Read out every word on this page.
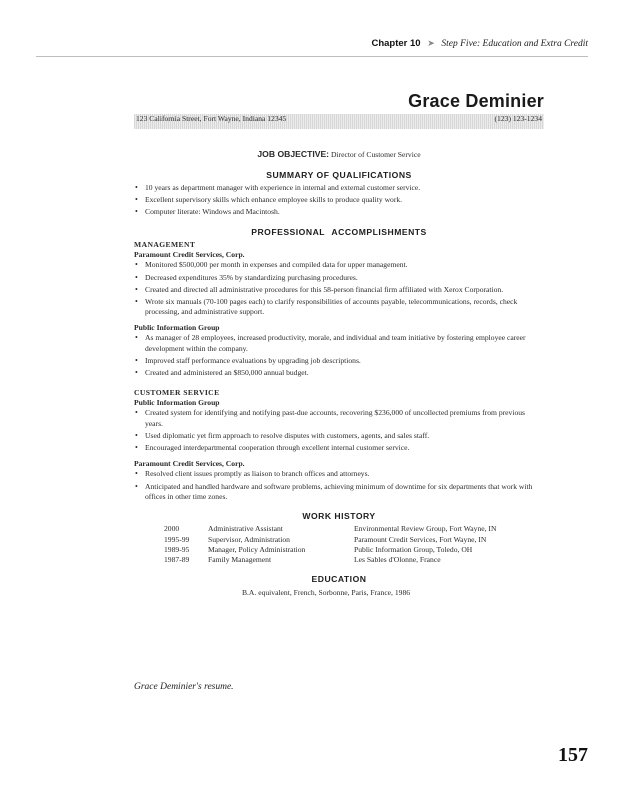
Chapter 10 ➤ Step Five: Education and Extra Credit
Grace Deminier
123 California Street, Fort Wayne, Indiana 12345	(123) 123-1234
JOB OBJECTIVE: Director of Customer Service
SUMMARY OF QUALIFICATIONS
• 10 years as department manager with experience in internal and external customer service.
• Excellent supervisory skills which enhance employee skills to produce quality work.
• Computer literate: Windows and Macintosh.
PROFESSIONAL ACCOMPLISHMENTS
MANAGEMENT
Paramount Credit Services, Corp.
• Monitored $500,000 per month in expenses and compiled data for upper management.
• Decreased expenditures 35% by standardizing purchasing procedures.
• Created and directed all administrative procedures for this 58-person financial firm affiliated with Xerox Corporation.
• Wrote six manuals (70-100 pages each) to clarify responsibilities of accounts payable, telecommunications, records, check processing, and administrative support.
Public Information Group
• As manager of 28 employees, increased productivity, morale, and individual and team initiative by fostering employee career development within the company.
• Improved staff performance evaluations by upgrading job descriptions.
• Created and administered an $850,000 annual budget.
CUSTOMER SERVICE
Public Information Group
• Created system for identifying and notifying past-due accounts, recovering $236,000 of uncollected premiums from previous years.
• Used diplomatic yet firm approach to resolve disputes with customers, agents, and sales staff.
• Encouraged interdepartmental cooperation through excellent internal customer service.
Paramount Credit Services, Corp.
• Resolved client issues promptly as liaison to branch offices and attorneys.
• Anticipated and handled hardware and software problems, achieving minimum of downtime for six departments that work with offices in other time zones.
WORK HISTORY
2000	Administrative Assistant	Environmental Review Group, Fort Wayne, IN
1995-99	Supervisor, Administration	Paramount Credit Services, Fort Wayne, IN
1989-95	Manager, Policy Administration	Public Information Group, Toledo, OH
1987-89	Family Management	Les Sables d'Olonne, France
EDUCATION
B.A. equivalent, French, Sorbonne, Paris, France, 1986
Grace Deminier's resume.
157
